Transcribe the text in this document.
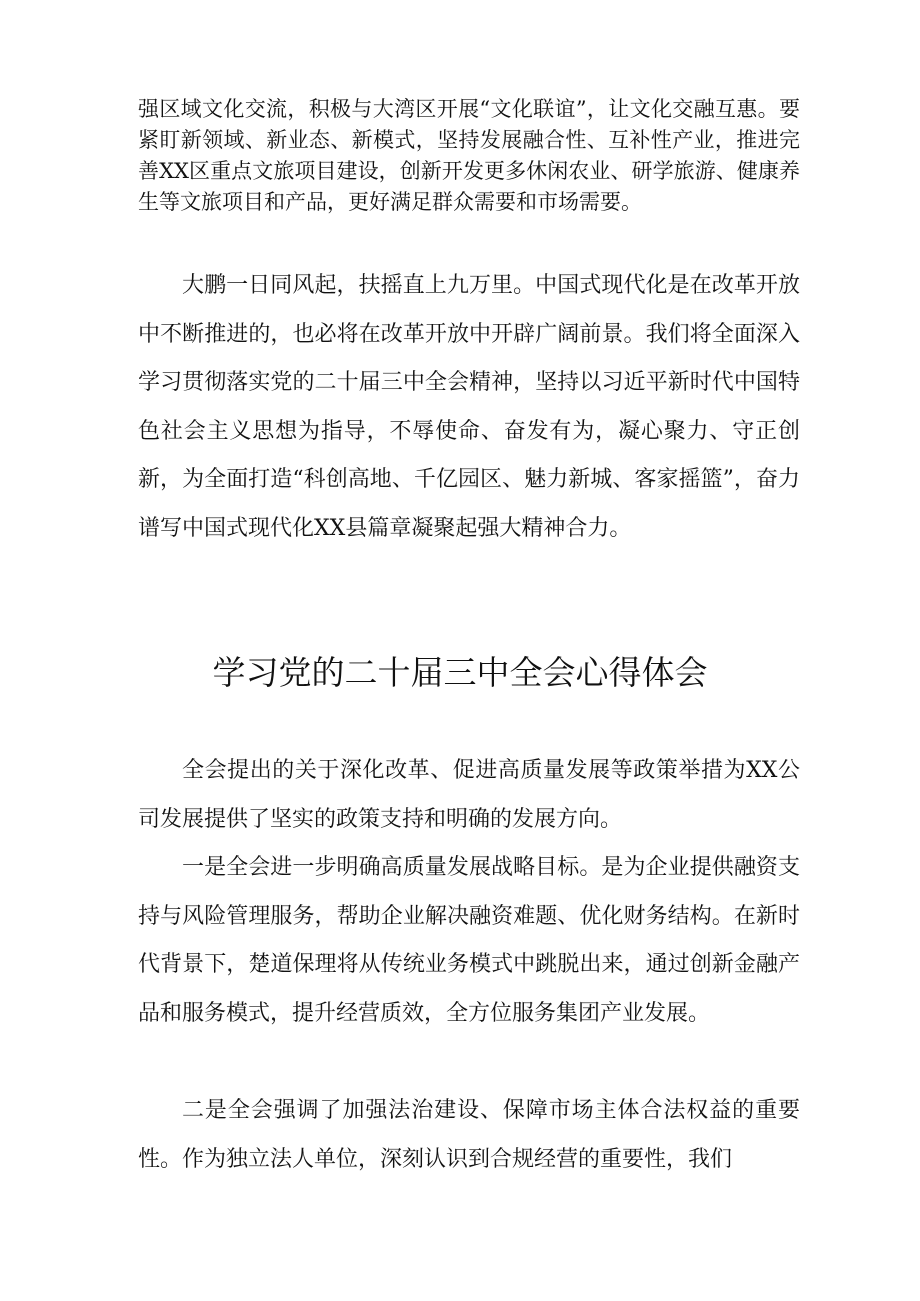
强区域文化交流，积极与大湾区开展“文化联谊”，让文化交融互惠。要紧盯新领域、新业态、新模式，坚持发展融合性、互补性产业，推进完善XX区重点文旅项目建设，创新开发更多休闲农业、研学旅游、健康养生等文旅项目和产品，更好满足群众需要和市场需要。

大鹏一日同风起，扶摇直上九万里。中国式现代化是在改革开放中不断推进的，也必将在改革开放中开辟广阔前景。我们将全面深入学习贯彻落实党的二十届三中全会精神，坚持以习近平新时代中国特色社会主义思想为指导，不辱使命、奋发有为，凝心聚力、守正创新，为全面打造“科创高地、千亿园区、魅力新城、客家摇篮”，奋力谱写中国式现代化XX县篇章凝聚起强大精神合力。

学习党的二十届三中全会心得体会

全会提出的关于深化改革、促进高质量发展等政策举措为XX公司发展提供了坚实的政策支持和明确的发展方向。

一是全会进一步明确高质量发展战略目标。是为企业提供融资支持与风险管理服务，帮助企业解决融资难题、优化财务结构。在新时代背景下，楚道保理将从传统业务模式中跳脱出来，通过创新金融产品和服务模式，提升经营质效，全方位服务集团产业发展。

二是全会强调了加强法治建设、保障市场主体合法权益的重要性。作为独立法人单位，深刻认识到合规经营的重要性，我们
